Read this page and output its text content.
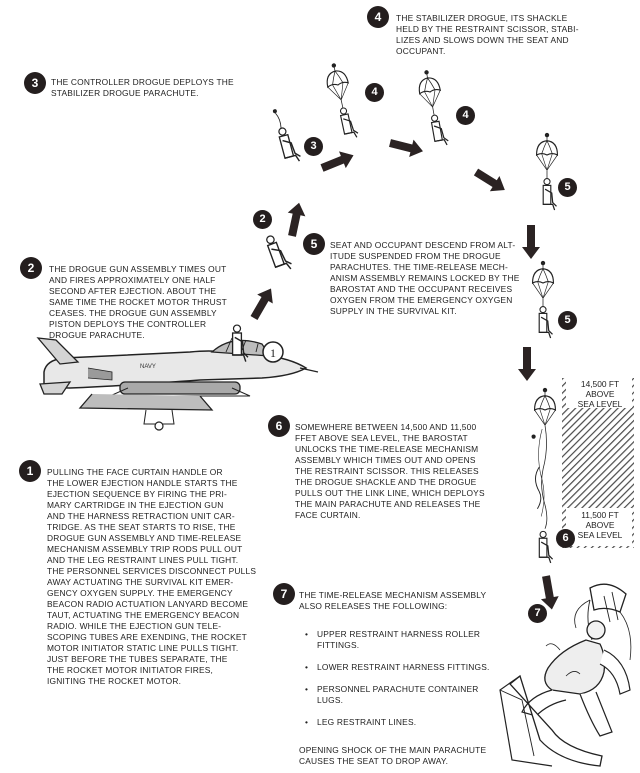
NAVY
1
3
4
2
5
6
1
7
2
3
4
4
5
5
6
7
THE CONTROLLER DROGUE DEPLOYS THE
STABILIZER DROGUE PARACHUTE.
THE STABILIZER DROGUE, ITS SHACKLE
HELD BY THE RESTRAINT SCISSOR, STABI-
LIZES AND SLOWS DOWN THE SEAT AND
OCCUPANT.
THE DROGUE GUN ASSEMBLY TIMES OUT
AND FIRES APPROXIMATELY ONE HALF
SECOND AFTER EJECTION. ABOUT THE
SAME TIME THE ROCKET MOTOR THRUST
CEASES. THE DROGUE GUN ASSEMBLY
PISTON DEPLOYS THE CONTROLLER
DROGUE PARACHUTE.
SEAT AND OCCUPANT DESCEND FROM ALT-
ITUDE SUSPENDED FROM THE DROGUE
PARACHUTES. THE TIME-RELEASE MECH-
ANISM ASSEMBLY REMAINS LOCKED BY THE
BAROSTAT AND THE OCCUPANT RECEIVES
OXYGEN FROM THE EMERGENCY OXYGEN
SUPPLY IN THE SURVIVAL KIT.
SOMEWHERE BETWEEN 14,500 AND 11,500
FFET ABOVE SEA LEVEL, THE BAROSTAT
UNLOCKS THE TIME-RELEASE MECHANISM
ASSEMBLY WHICH TIMES OUT AND OPENS
THE RESTRAINT SCISSOR. THIS RELEASES
THE DROGUE SHACKLE AND THE DROGUE
PULLS OUT THE LINK LINE, WHICH DEPLOYS
THE MAIN PARACHUTE AND RELEASES THE
FACE CURTAIN.
PULLING THE FACE CURTAIN HANDLE OR
THE LOWER EJECTION HANDLE STARTS THE
EJECTION SEQUENCE BY FIRING THE PRI-
MARY CARTRIDGE IN THE EJECTION GUN
AND THE HARNESS RETRACTION UNIT CAR-
TRIDGE. AS THE SEAT STARTS TO RISE, THE
DROGUE GUN ASSEMBLY AND TIME-RELEASE
MECHANISM ASSEMBLY TRIP RODS PULL OUT
AND THE LEG RESTRAINT LINES PULL TIGHT.
THE PERSONNEL SERVICES DISCONNECT PULLS
AWAY ACTUATING THE SURVIVAL KIT EMER-
GENCY OXYGEN SUPPLY. THE EMERGENCY
BEACON RADIO ACTUATION LANYARD BECOME
TAUT, ACTUATING THE EMERGENCY BEACON
RADIO. WHILE THE EJECTION GUN TELE-
SCOPING TUBES ARE EXENDING, THE ROCKET
MOTOR INITIATOR STATIC LINE PULLS TIGHT.
JUST BEFORE THE TUBES SEPARATE, THE
THE ROCKET MOTOR INITIATOR FIRES,
IGNITING THE ROCKET MOTOR.
THE TIME-RELEASE MECHANISM ASSEMBLY
ALSO RELEASES THE FOLLOWING:

• UPPER RESTRAINT HARNESS ROLLER
FITTINGS.

• LOWER RESTRAINT HARNESS FITTINGS.

• PERSONNEL PARACHUTE CONTAINER
LUGS.

• LEG RESTRAINT LINES.

OPENING SHOCK OF THE MAIN PARACHUTE
CAUSES THE SEAT TO DROP AWAY.
14,500 FT
ABOVE
SEA LEVEL
11,500 FT
ABOVE
SEA LEVEL
